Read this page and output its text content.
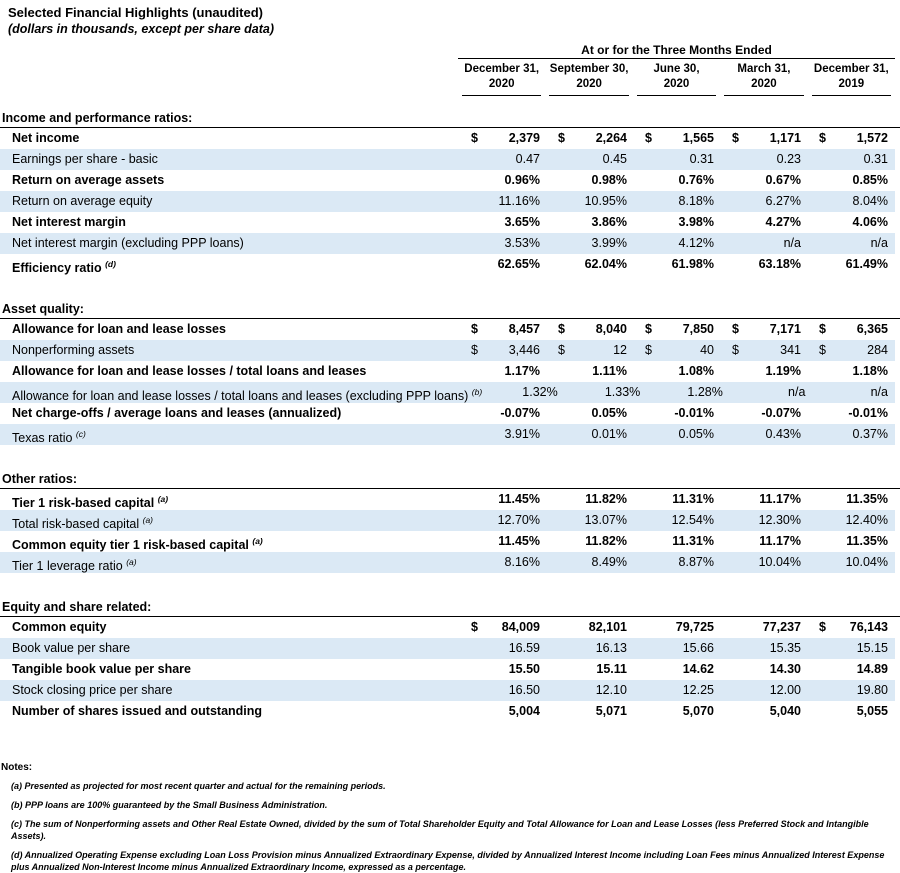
Selected Financial Highlights (unaudited)
(dollars in thousands, except per share data)
At or for the Three Months Ended
December 31,
2020
September 30,
2020
June 30,
2020
March 31,
2020
December 31,
2019
Income and performance ratios:
Net income	$ 2,379	$ 2,264	$ 1,565	$ 1,171	$ 1,572
Earnings per share - basic	0.47	0.45	0.31	0.23	0.31
Return on average assets	0.96%	0.98%	0.76%	0.67%	0.85%
Return on average equity	11.16%	10.95%	8.18%	6.27%	8.04%
Net interest margin	3.65%	3.86%	3.98%	4.27%	4.06%
Net interest margin (excluding PPP loans)	3.53%	3.99%	4.12%	n/a	n/a
Efficiency ratio $^{(d)}$	62.65%	62.04%	61.98%	63.18%	61.49%
Asset quality:
Allowance for loan and lease losses	$ 8,457	$ 8,040	$ 7,850	$ 7,171	$ 6,365
Nonperforming assets	$ 3,446	$	12	$	40	$	341	$	284
Allowance for loan and lease losses / total loans and leases	1.17%	1.11%	1.08%	1.19%	1.18%
Allowance for loan and lease losses / total loans and leases (excluding PPP loans) $^{(b)}$	1.32%	1.33%	1.28%	n/a	n/a
Net charge-offs / average loans and leases (annualized)	-0.07%	0.05%	-0.01%	-0.07%	-0.01%
Texas ratio $^{(c)}$	3.91%	0.01%	0.05%	0.43%	0.37%
Other ratios:
Tier 1 risk-based capital $^{(a)}$	11.45%	11.82%	11.31%	11.17%	11.35%
Total risk-based capital $^{(a)}$	12.70%	13.07%	12.54%	12.30%	12.40%
Common equity tier 1 risk-based capital $^{(a)}$	11.45%	11.82%	11.31%	11.17%	11.35%
Tier 1 leverage ratio $^{(a)}$	8.16%	8.49%	8.87%	10.04%	10.04%
Equity and share related:
Common equity	$ 84,009	82,101	79,725	77,237	$ 76,143
Book value per share	16.59	16.13	15.66	15.35	15.15
Tangible book value per share	15.50	15.11	14.62	14.30	14.89
Stock closing price per share	16.50	12.10	12.25	12.00	19.80
Number of shares issued and outstanding	5,004	5,071	5,070	5,040	5,055
Notes:
(a) Presented as projected for most recent quarter and actual for the remaining periods.
(b) PPP loans are 100% guaranteed by the Small Business Administration.
(c) The sum of Nonperforming assets and Other Real Estate Owned, divided by the sum of Total Shareholder Equity and Total Allowance for Loan and Lease Losses (less Preferred Stock and Intangible Assets).
(d) Annualized Operating Expense excluding Loan Loss Provision minus Annualized Extraordinary Expense, divided by Annualized Interest Income including Loan Fees minus Annualized Interest Expense plus Annualized Non-Interest Income minus Annualized Extraordinary Income, expressed as a percentage.
